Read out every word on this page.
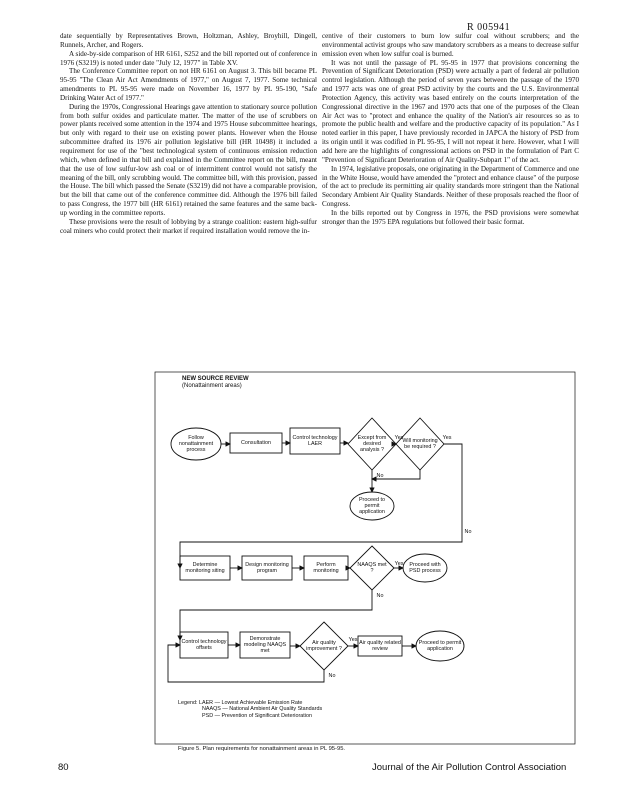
R 005941

date sequentially by Representatives Brown, Holtzman, Ashley, Broyhill, Dingell, Runnels, Archer, and Rogers.

A side-by-side comparison of HR 6161, S252 and the bill reported out of conference in 1976 (S3219) is noted under date "July 12, 1977" in Table XV.

The Conference Committee report on not HR 6161 on August 3. This bill became PL 95-95 "The Clean Air Act Amendments of 1977," on August 7, 1977. Some technical amendments to PL 95-95 were made on November 16, 1977 by PL 95-190, "Safe Drinking Water Act of 1977."

During the 1970s, Congressional Hearings gave attention to stationary source pollution from both sulfur oxides and particulate matter. The matter of the use of scrubbers on power plants received some attention in the 1974 and 1975 House subcommittee hearings, but only with regard to their use on existing power plants. However when the House subcommittee drafted its 1976 air pollution legislative bill (HR 10498) it included a requirement for use of the "best technological system of continuous emission reduction which, when defined in that bill and explained in the Committee report on the bill, meant that the use of low sulfur-low ash coal or of intermittent control would not satisfy the meaning of the bill, only scrubbing would. The committee bill, with this provision, passed the House. The bill which passed the Senate (S3219) did not have a comparable provision, but the bill that came out of the conference committee did. Although the 1976 bill failed to pass Congress, the 1977 bill (HR 6161) retained the same features and the same back-up wording in the committee reports.

These provisions were the result of lobbying by a strange coalition: eastern high-sulfur coal miners who could protect their market if required installation would remove the in-

centive of their customers to burn low sulfur coal without scrubbers; and the environmental activist groups who saw mandatory scrubbers as a means to decrease sulfur emission even when low sulfur coal is burned.

It was not until the passage of PL 95-95 in 1977 that provisions concerning the Prevention of Significant Deterioration (PSD) were actually a part of federal air pollution control legislation. Although the period of seven years between the passage of the 1970 and 1977 acts was one of great PSD activity by the courts and the U.S. Environmental Protection Agency, this activity was based entirely on the courts interpretation of the Congressional directive in the 1967 and 1970 acts that one of the purposes of the Clean Air Act was to "protect and enhance the quality of the Nation's air resources so as to promote the public health and welfare and the productive capacity of its population." As I noted earlier in this paper, I have previously recorded in JAPCA the history of PSD from its origin until it was codified in PL 95-95, I will not repeat it here. However, what I will add here are the highlights of congressional actions on PSD in the formulation of Part C "Prevention of Significant Deterioration of Air Quality-Subpart 1" of the act.

In 1974, legislative proposals, one originating in the Department of Commerce and one in the White House, would have amended the "protect and enhance clause" of the purpose of the act to preclude its permitting air quality standards more stringent than the National Secondary Ambient Air Quality Standards. Neither of these proposals reached the floor of Congress.

In the bills reported out by Congress in 1976, the PSD provisions were somewhat stronger than the 1975 EPA regulations but followed their basic format.

NEW SOURCE REVIEW
(Nonattainment areas)
Follow nonattainment process
Consultation
Control technology LAER
Except from desired analysis ?
Will monitoring be required ?
Proceed to permit application
Determine monitoring siting
Design monitoring program
Perform monitoring
NAAQS met ?
Proceed with PSD process
Control technology offsets
Demonstrate modeling NAAQS met
Air quality improvement ?
Air quality related review
Proceed to permit application
Yes	Yes
No
No
Yes
No
Yes
No
Legend: LAER — Lowest Achievable Emission Rate
NAAQS — National Ambient Air Quality Standards
PSD — Prevention of Significant Deterioration
Figure 5. Plan requirements for nonattainment areas in PL 95-95.
80	Journal of the Air Pollution Control Association
